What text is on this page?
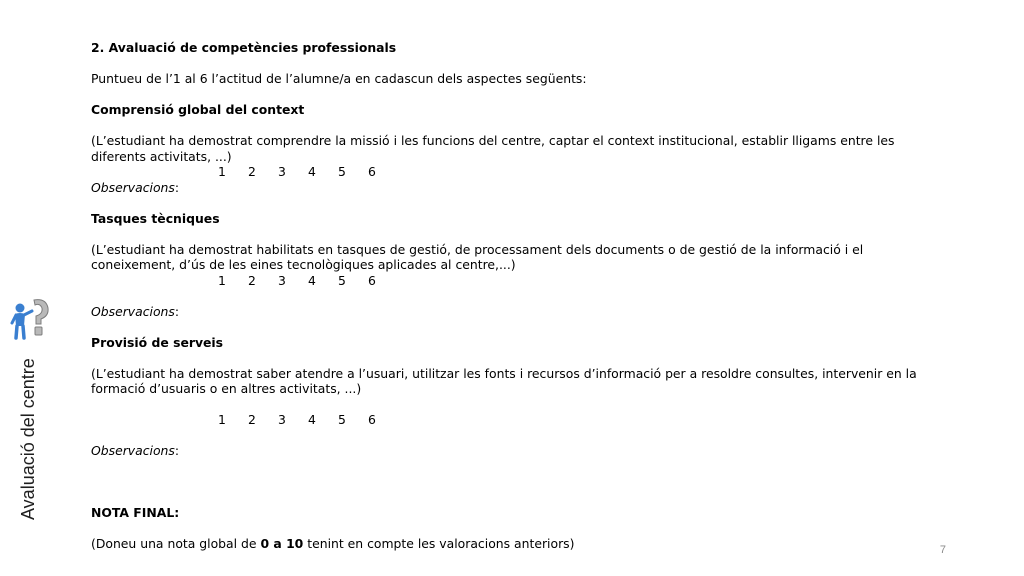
Avaluació del centre
2. Avaluació de competències professionals
Puntueu de l’1 al 6 l’actitud de l’alumne/a en cadascun dels aspectes següents:
Comprensió global del context
(L’estudiant ha demostrat comprendre la missió i les funcions del centre, captar el context institucional, establir lligams entre les diferents activitats, ...)
1 2 3 4 5 6
Observacions:
Tasques tècniques
(L’estudiant ha demostrat habilitats en tasques de gestió, de processament dels documents o de gestió de la informació i el coneixement, d’ús de les eines tecnològiques aplicades al centre,...)
1 2 3 4 5 6
Observacions:
Provisió de serveis
(L’estudiant ha demostrat saber atendre a l’usuari, utilitzar les fonts i recursos d’informació per a resoldre consultes, intervenir en la formació d’usuaris o en altres activitats, ...)
1 2 3 4 5 6
Observacions:
NOTA FINAL:
(Doneu una nota global de 0 a 10 tenint en compte les valoracions anteriors)	7
